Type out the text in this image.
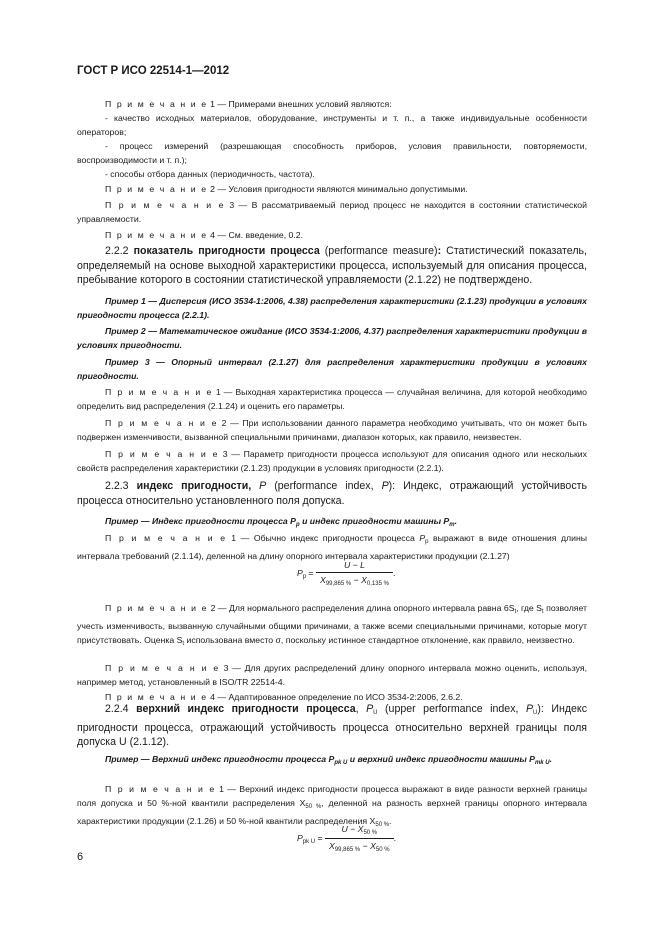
ГОСТ Р ИСО 22514-1—2012

П р и м е ч а н и е 1 — Примерами внешних условий являются:

- качество исходных материалов, оборудование, инструменты и т. п., а также индивидуальные особенности операторов;

- процесс измерений (разрешающая способность приборов, условия правильности, повторяемости, воспроизводимости и т. п.);

- способы отбора данных (периодичность, частота).

П р и м е ч а н и е 2 — Условия пригодности являются минимально допустимыми.

П р и м е ч а н и е 3 — В рассматриваемый период процесс не находится в состоянии статистической управляемости.

П р и м е ч а н и е 4 — См. введение, 0.2.

2.2.2 показатель пригодности процесса (performance measure): Статистический показатель, определяемый на основе выходной характеристики процесса, используемый для описания процесса, пребывание которого в состоянии статистической управляемости (2.1.22) не подтверждено.

Пример 1 — Дисперсия (ИСО 3534-1:2006, 4.38) распределения характеристики (2.1.23) продукции в условиях пригодности процесса (2.2.1).

Пример 2 — Математическое ожидание (ИСО 3534-1:2006, 4.37) распределения характеристики продукции в условиях пригодности.

Пример 3 — Опорный интервал (2.1.27) для распределения характеристики продукции в условиях пригодности.

П р и м е ч а н и е 1 — Выходная характеристика процесса — случайная величина, для которой необходимо определить вид распределения (2.1.24) и оценить его параметры.

П р и м е ч а н и е 2 — При использовании данного параметра необходимо учитывать, что он может быть подвержен изменчивости, вызванной специальными причинами, диапазон которых, как правило, неизвестен.

П р и м е ч а н и е 3 — Параметр пригодности процесса используют для описания одного или нескольких свойств распределения характеристики (2.1.23) продукции в условиях пригодности (2.2.1).

2.2.3 индекс пригодности, P (performance index, P): Индекс, отражающий устойчивость процесса относительно установленного поля допуска.

Пример — Индекс пригодности процесса $P_p$ и индекс пригодности машины $P_m$.

П р и м е ч а н и е 1 — Обычно индекс пригодности процесса $P_p$ выражают в виде отношения длины интервала требований (2.1.14), деленной на длину опорного интервала характеристики продукции (2.1.27)

$P_p = \frac{U - L}{X_{99,865 \%} - X_{0,135 \%}}$ .

П р и м е ч а н и е 2 — Для нормального распределения длина опорного интервала равна $6S_t$, где $S_t$ позволяет учесть изменчивость, вызванную случайными общими причинами, а также всеми специальными причинами, которые могут присутствовать. Оценка $S_t$ использована вместо σ, поскольку истинное стандартное отклонение, как правило, неизвестно.

П р и м е ч а н и е 3 — Для других распределений длину опорного интервала можно оценить, используя, например метод, установленный в ISO/TR 22514-4.

П р и м е ч а н и е 4 — Адаптированное определение по ИСО 3534-2:2006, 2.6.2.

2.2.4 верхний индекс пригодности процесса, $P_U$ (upper performance index, $P_U$): Индекс пригодности процесса, отражающий устойчивость процесса относительно верхней границы поля допуска U (2.1.12).

Пример — Верхний индекс пригодности процесса $P_{pk U}$ и верхний индекс пригодности машины $P_{mk U}$.

П р и м е ч а н и е 1 — Верхний индекс пригодности процесса выражают в виде разности верхней границы поля допуска и 50 %-ной квантили распределения $X_{50 \%}$, деленной на разность верхней границы опорного интервала характеристики продукции (2.1.26) и 50 %-ной квантили распределения $X_{50 \%}$.

$P_{pk U} = \frac{U - X_{50 \%}}{X_{99,865 \%} - X_{50 \%}}$ .
6
